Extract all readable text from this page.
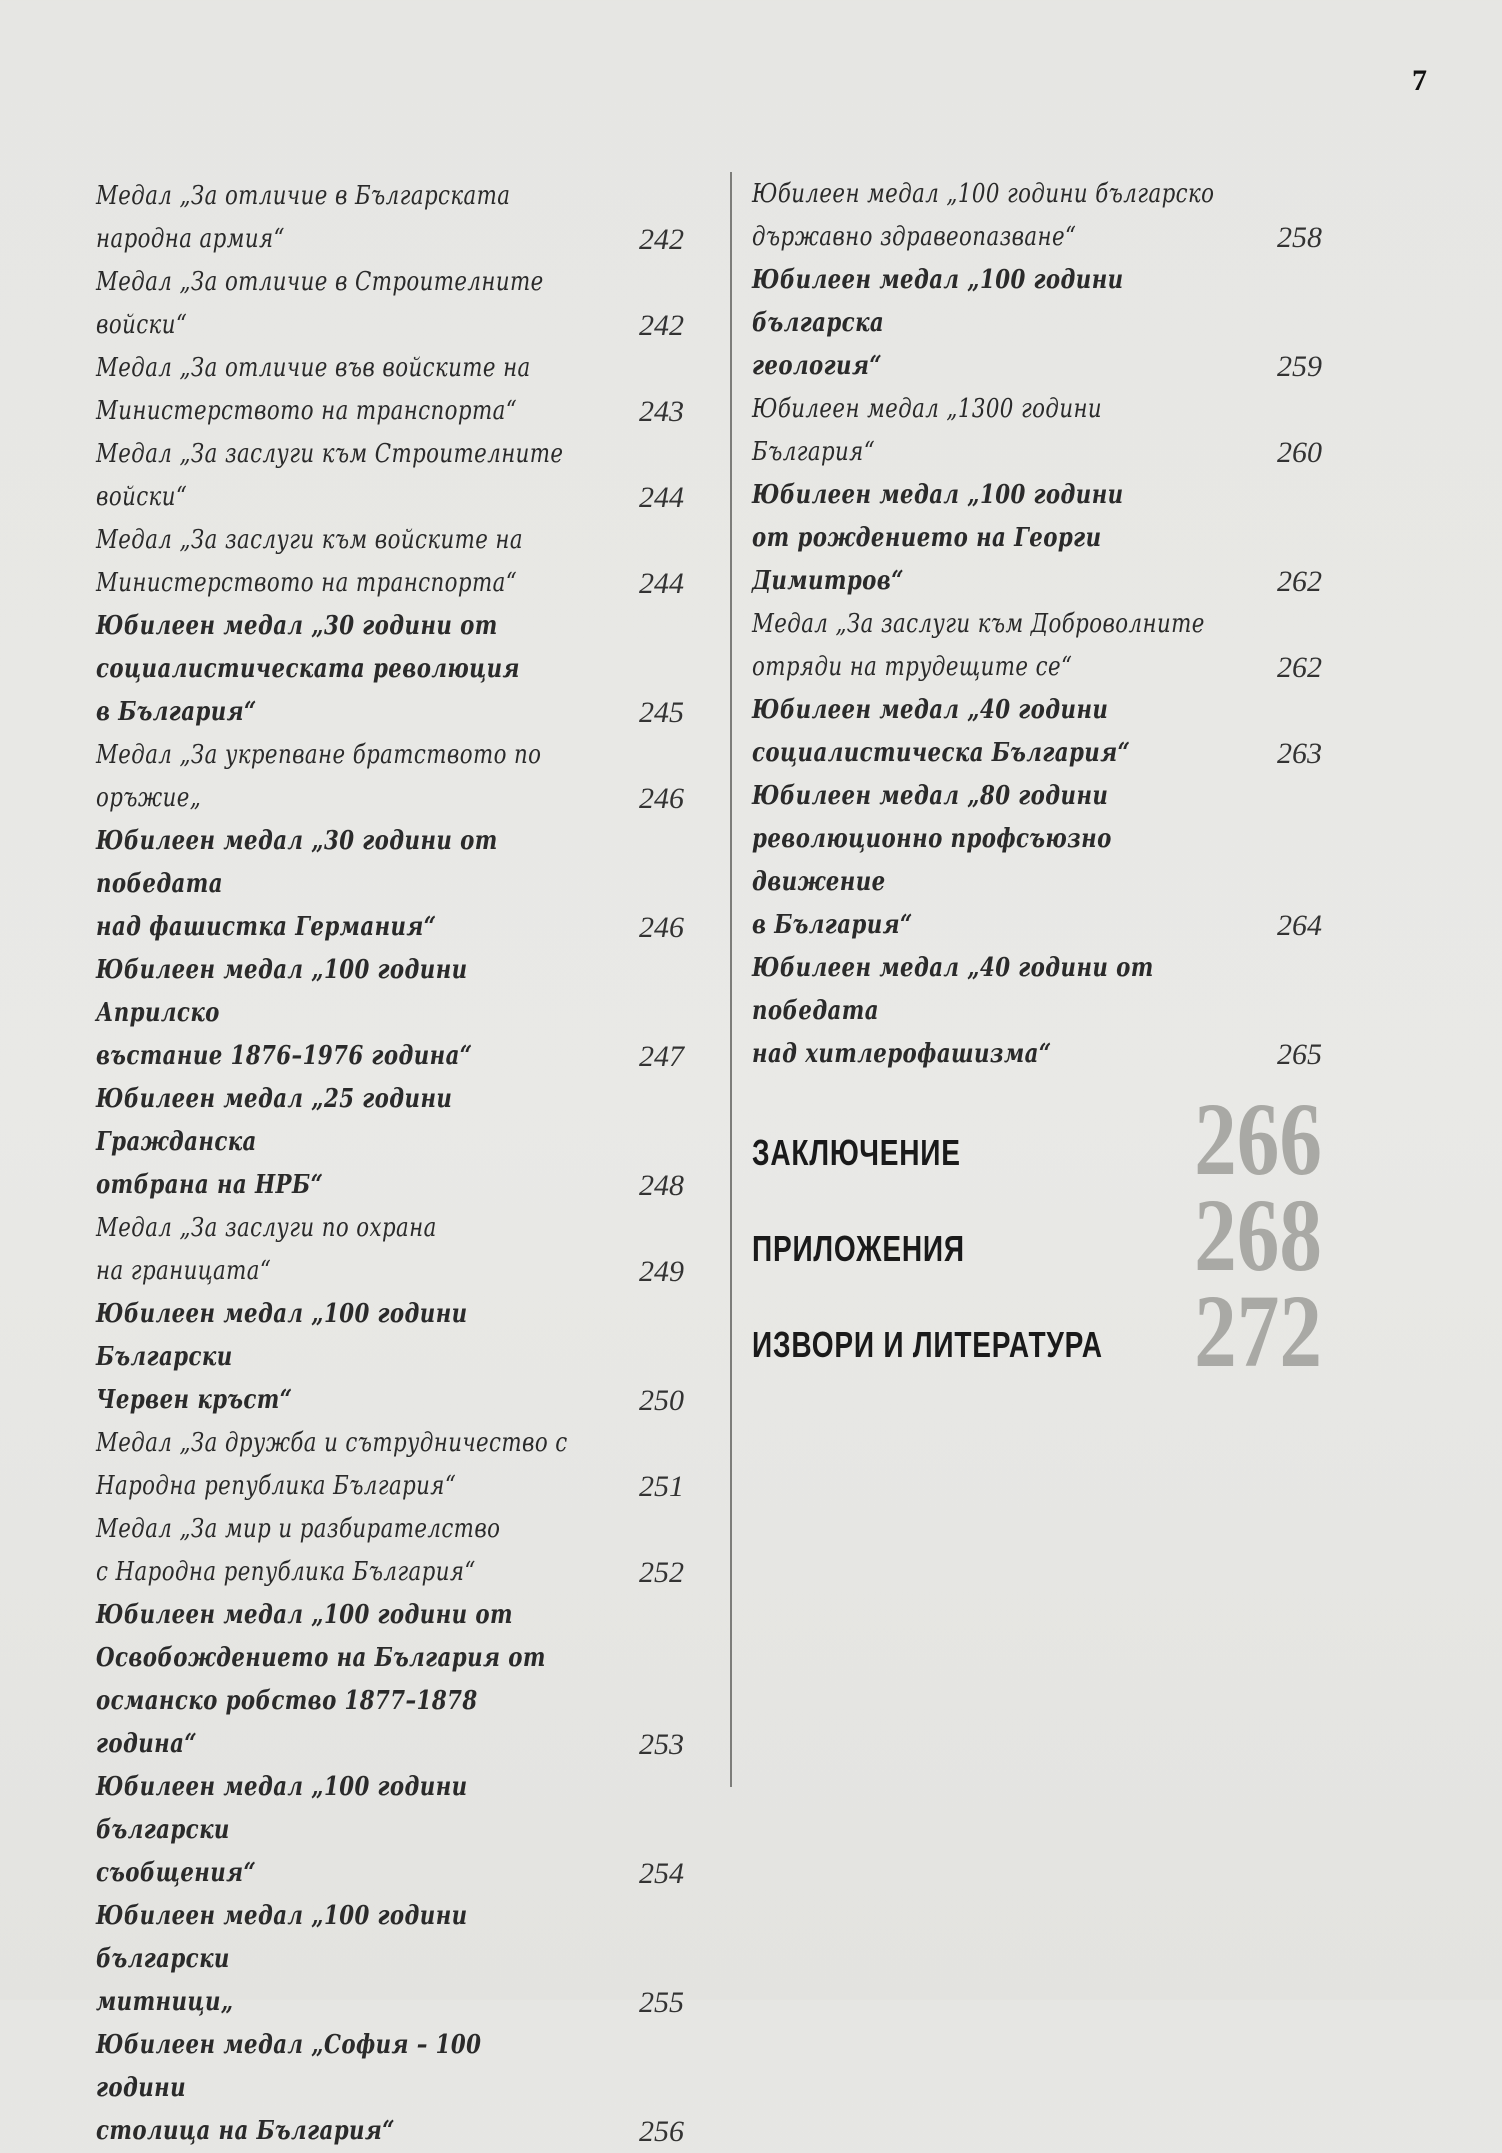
7
Медал „За отличие в Българската
народна армия“	242
Медал „За отличие в Строителните
войски“	242
Медал „За отличие във войските на
Министерството на транспорта“	243
Медал „За заслуги към Строителните
войски“	244
Медал „За заслуги към войските на
Министерството на транспорта“	244
Юбилеен медал „30 години от
социалистическата революция
в България“	245
Медал „За укрепване братството по
оръжие„	246
Юбилеен медал „30 години от победата
над фашистка Германия“	246
Юбилеен медал „100 години Априлско
въстание 1876–1976 година“	247
Юбилеен медал „25 години Гражданска
отбрана на НРБ“	248
Медал „За заслуги по охрана
на границата“	249
Юбилеен медал „100 години Български
Червен кръст“	250
Медал „За дружба и сътрудничество с
Народна република България“	251
Медал „За мир и разбирателство
с Народна република България“	252
Юбилеен медал „100 години от
Освобождението на България от
османско робство 1877–1878 година“	253
Юбилеен медал „100 години български
съобщения“	254
Юбилеен медал „100 години български
митници„	255
Юбилеен медал „София – 100 години
столица на България“	256
Юбилеен медал „100 години българско
държавно здравеопазване“	258
Юбилеен медал „100 години българска
геология“	259
Юбилеен медал „1300 години
България“	260
Юбилеен медал „100 години
от рождението на Георги Димитров“	262
Медал „За заслуги към Доброволните
отряди на трудещите се“	262
Юбилеен медал „40 години
социалистическа България“	263
Юбилеен медал „80 години
революционно профсъюзно движение
в България“	264
Юбилеен медал „40 години от победата
над хитлерофашизма“	265
ЗАКЛЮЧЕНИЕ 266
ПРИЛОЖЕНИЯ 268
ИЗВОРИ И ЛИТЕРАТУРА 272
